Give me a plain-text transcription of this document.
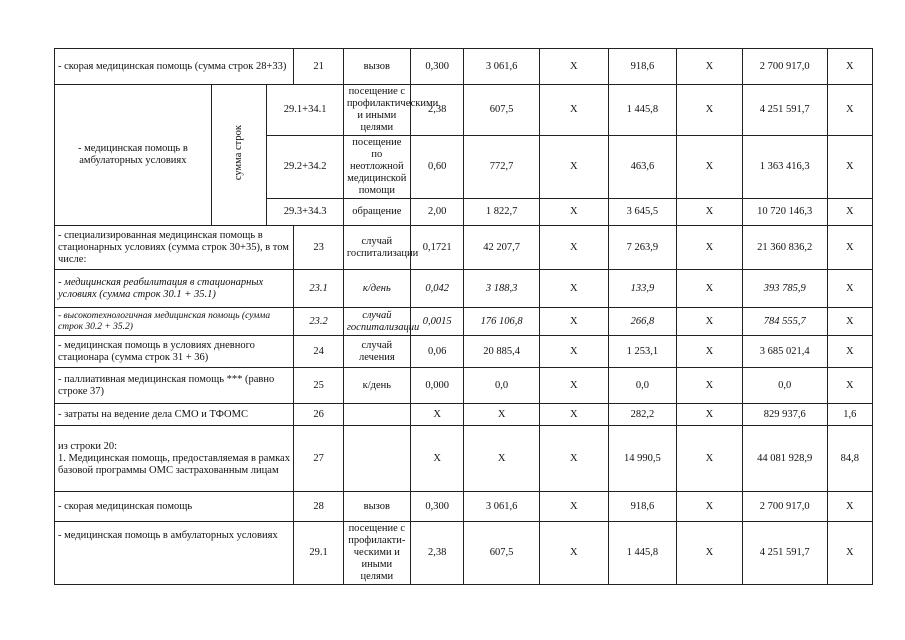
- скорая медицинская помощь (сумма строк 28+33)			21	вызов	0,300	3 061,6	X	918,6	X	2 700 917,0	X
- медицинская помощь в амбулаторных условиях	сумма строк	29.1+34.1		посещение с профилактическими и иными целями	2,38	607,5	X	1 445,8	X	4 251 591,7	X
		29.2+34.2		посещение по неотложной медицинской помощи	0,60	772,7	X	463,6	X	1 363 416,3	X
		29.3+34.3		обращение	2,00	1 822,7	X	3 645,5	X	10 720 146,3	X
- специализированная медицинская помощь в стационарных условиях (сумма строк 30+35), в том числе:			23	случай госпитализации	0,1721	42 207,7	X	7 263,9	X	21 360 836,2	X
- медицинская реабилитация в стационарных условиях (сумма строк 30.1 + 35.1)			23.1	к/день	0,042	3 188,3	X	133,9	X	393 785,9	X
- высокотехнологичная медицинская помощь (сумма строк 30.2 + 35.2)			23.2	случай госпитализации	0,0015	176 106,8	X	266,8	X	784 555,7	X
- медицинская помощь в условиях дневного стационара (сумма строк 31 + 36)			24	случай лечения	0,06	20 885,4	X	1 253,1	X	3 685 021,4	X
- паллиативная медицинская помощь *** (равно строке 37)			25	к/день	0,000	0,0	X	0,0	X	0,0	X
- затраты на ведение дела СМО и ТФОМС			26		X	X	X	282,2	X	829 937,6	1,6
из строки 20:
1. Медицинская помощь, предоставляемая в рамках базовой программы ОМС застрахованным лицам			27		X	X	X	14 990,5	X	44 081 928,9	84,8
- скорая медицинская помощь			28	вызов	0,300	3 061,6	X	918,6	X	2 700 917,0	X
- медицинская помощь в амбулаторных условиях			29.1	посещение с профилакти-ческими и иными целями	2,38	607,5	X	1 445,8	X	4 251 591,7	X
